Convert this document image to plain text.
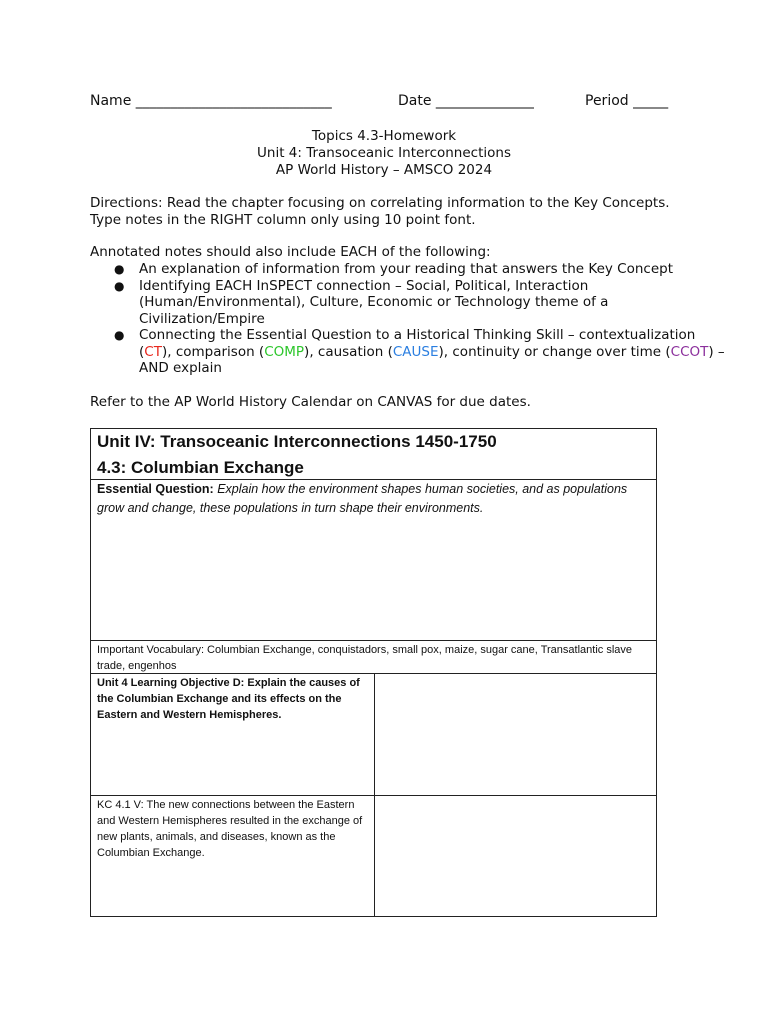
Name ____________________________	Date ______________	Period _____
Topics 4.3-Homework
Unit 4: Transoceanic Interconnections
AP World History – AMSCO 2024
Directions: Read the chapter focusing on correlating information to the Key Concepts. Type notes in the RIGHT column only using 10 point font.
Annotated notes should also include EACH of the following:
● An explanation of information from your reading that answers the Key Concept
● Identifying EACH InSPECT connection – Social, Political, Interaction (Human/Environmental), Culture, Economic or Technology theme of a Civilization/Empire
● Connecting the Essential Question to a Historical Thinking Skill – contextualization (CT), comparison (COMP), causation (CAUSE), continuity or change over time (CCOT) – AND explain
Refer to the AP World History Calendar on CANVAS for due dates.
Unit IV: Transoceanic Interconnections 1450-1750
4.3: Columbian Exchange
Essential Question: Explain how the environment shapes human societies, and as populations grow and change, these populations in turn shape their environments.
Important Vocabulary: Columbian Exchange, conquistadors, small pox, maize, sugar cane, Transatlantic slave trade, engenhos
Unit 4 Learning Objective D: Explain the causes of the Columbian Exchange and its effects on the Eastern and Western Hemispheres.
KC 4.1 V: The new connections between the Eastern and Western Hemispheres resulted in the exchange of new plants, animals, and diseases, known as the Columbian Exchange.
